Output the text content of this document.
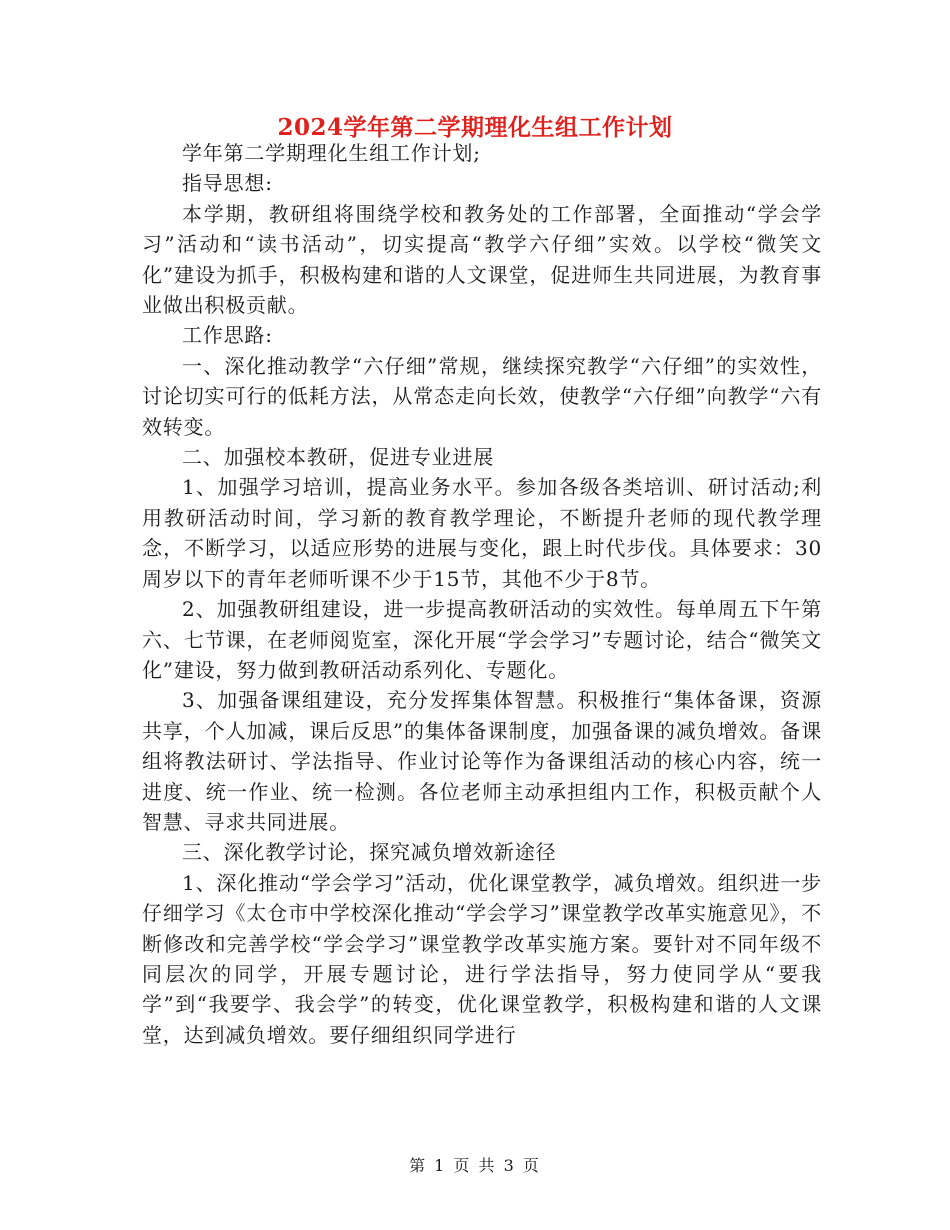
2024学年第二学期理化生组工作计划

学年第二学期理化生组工作计划;

指导思想:

本学期，教研组将围绕学校和教务处的工作部署，全面推动“学会学习”活动和“读书活动”，切实提高“教学六仔细”实效。以学校“微笑文化”建设为抓手，积极构建和谐的人文课堂，促进师生共同进展，为教育事业做出积极贡献。

工作思路:

一、深化推动教学“六仔细”常规，继续探究教学“六仔细”的实效性，讨论切实可行的低耗方法，从常态走向长效，使教学“六仔细”向教学“六有效转变。

二、加强校本教研，促进专业进展

1、加强学习培训，提高业务水平。参加各级各类培训、研讨活动;利用教研活动时间，学习新的教育教学理论，不断提升老师的现代教学理念，不断学习，以适应形势的进展与变化，跟上时代步伐。具体要求：30周岁以下的青年老师听课不少于15节，其他不少于8节。

2、加强教研组建设，进一步提高教研活动的实效性。每单周五下午第六、七节课，在老师阅览室，深化开展“学会学习”专题讨论，结合“微笑文化”建设，努力做到教研活动系列化、专题化。

3、加强备课组建设，充分发挥集体智慧。积极推行“集体备课，资源共享，个人加减，课后反思”的集体备课制度，加强备课的减负增效。备课组将教法研讨、学法指导、作业讨论等作为备课组活动的核心内容，统一进度、统一作业、统一检测。各位老师主动承担组内工作，积极贡献个人智慧、寻求共同进展。

三、深化教学讨论，探究减负增效新途径

1、深化推动“学会学习”活动，优化课堂教学，减负增效。组织进一步仔细学习《太仓市中学校深化推动“学会学习”课堂教学改革实施意见》，不断修改和完善学校“学会学习”课堂教学改革实施方案。要针对不同年级不同层次的同学，开展专题讨论，进行学法指导，努力使同学从“要我学”到“我要学、我会学”的转变，优化课堂教学，积极构建和谐的人文课堂，达到减负增效。要仔细组织同学进行

第 1 页 共 3 页
